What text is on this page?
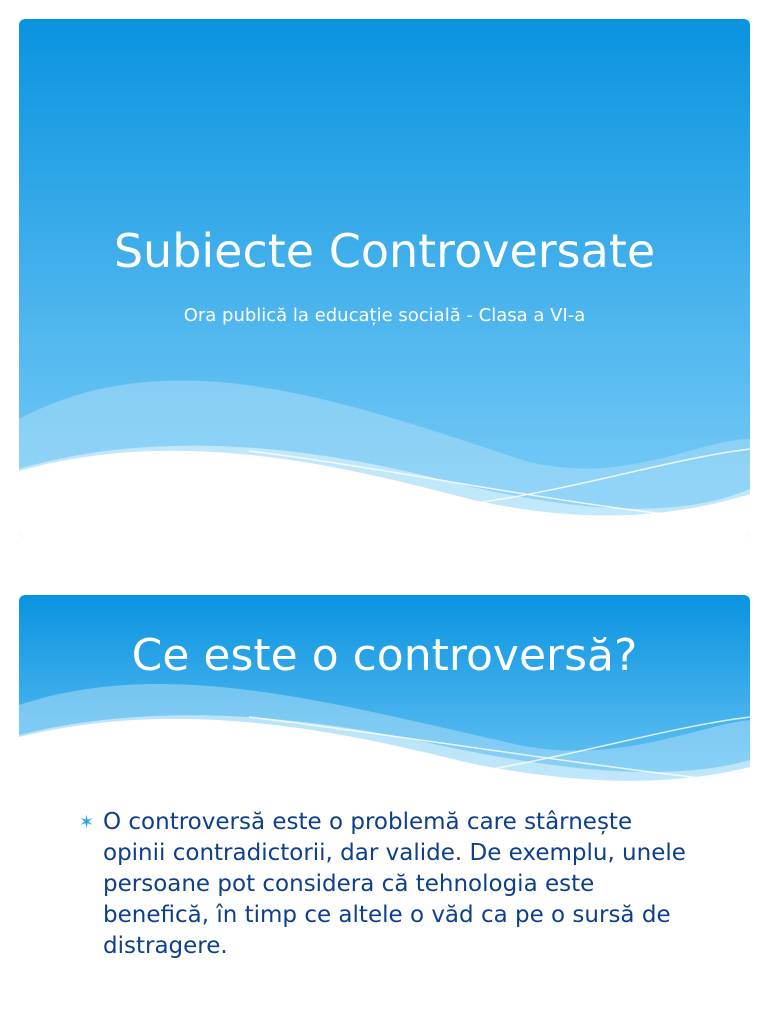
Subiecte Controversate
Ora publică la educație socială - Clasa a VI-a
Ce este o controversă?
✶ O controversă este o problemă care stârnește opinii contradictorii, dar valide. De exemplu, unele persoane pot considera că tehnologia este benefică, în timp ce altele o văd ca pe o sursă de distragere.
